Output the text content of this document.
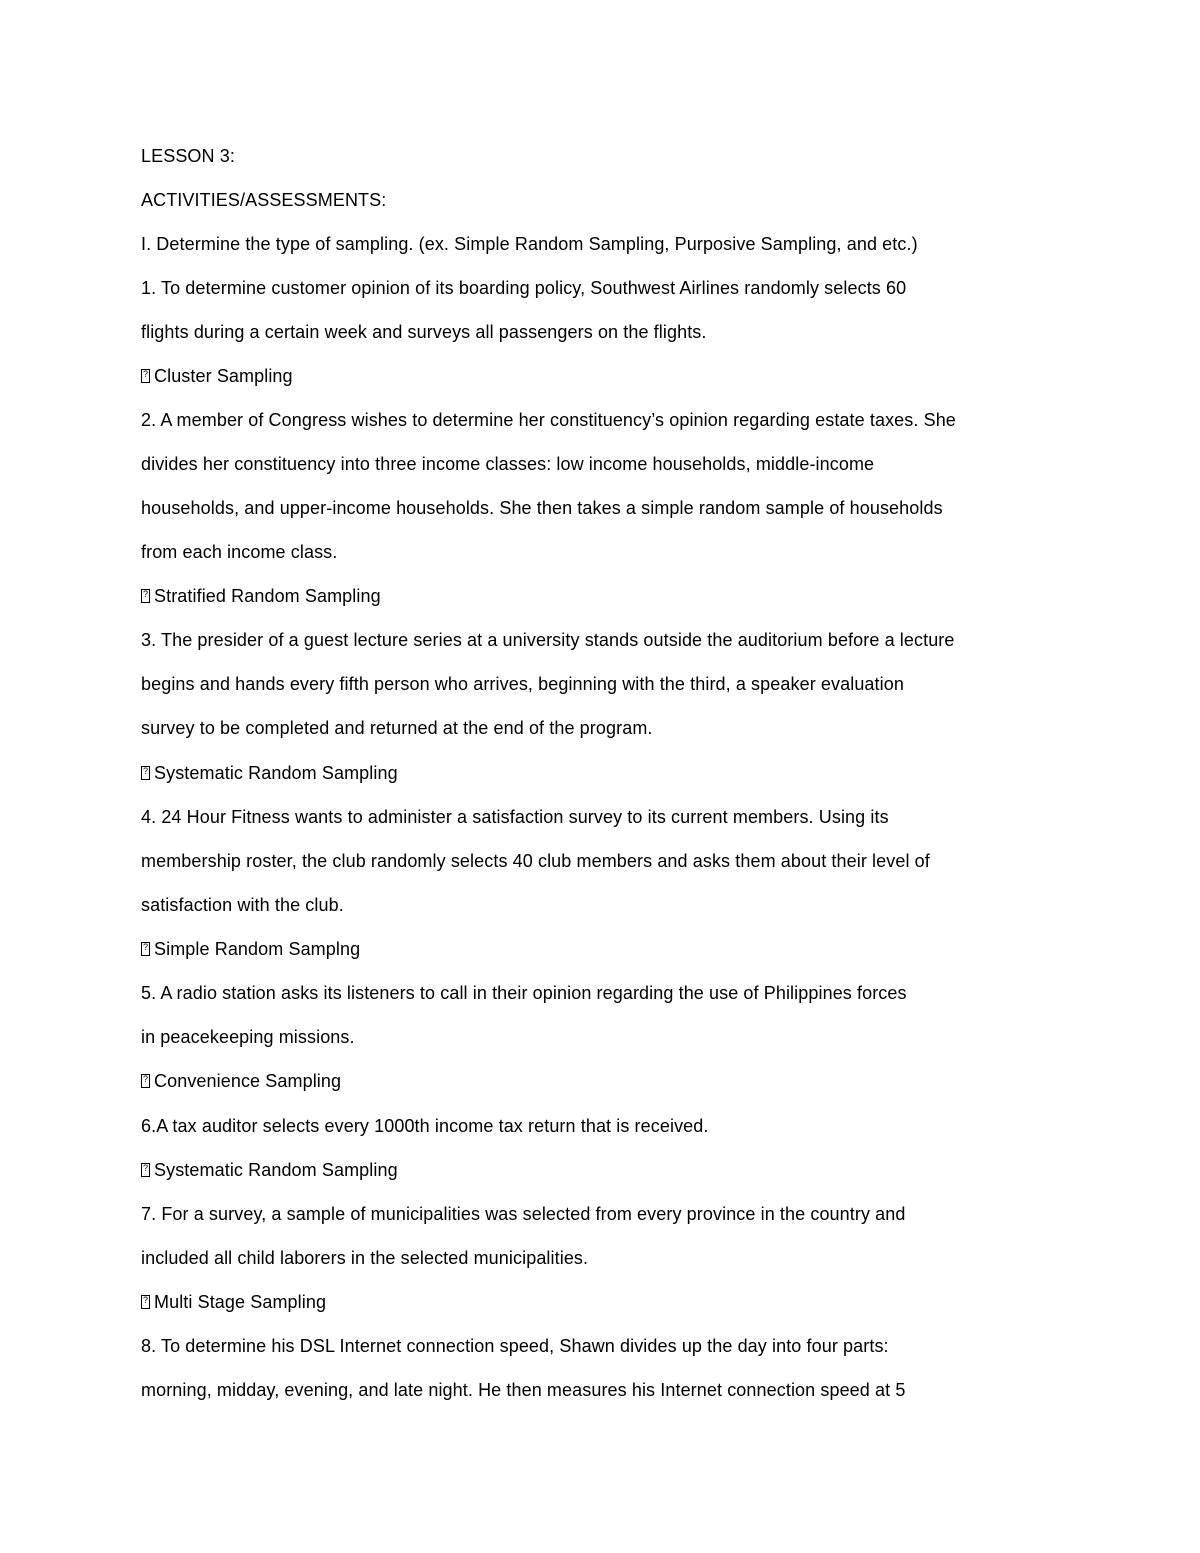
LESSON 3:
ACTIVITIES/ASSESSMENTS:
I. Determine the type of sampling. (ex. Simple Random Sampling, Purposive Sampling, and etc.)
1. To determine customer opinion of its boarding policy, Southwest Airlines randomly selects 60
flights during a certain week and surveys all passengers on the flights.
?
Cluster Sampling
2. A member of Congress wishes to determine her constituency’s opinion regarding estate taxes. She
divides her constituency into three income classes: low income households, middle-income
households, and upper-income households. She then takes a simple random sample of households
from each income class.
?
Stratified Random Sampling
3. The presider of a guest lecture series at a university stands outside the auditorium before a lecture
begins and hands every fifth person who arrives, beginning with the third, a speaker evaluation
survey to be completed and returned at the end of the program.
?
Systematic Random Sampling
4. 24 Hour Fitness wants to administer a satisfaction survey to its current members. Using its
membership roster, the club randomly selects 40 club members and asks them about their level of
satisfaction with the club.
?
Simple Random Samplng
5. A radio station asks its listeners to call in their opinion regarding the use of Philippines forces
in peacekeeping missions.
?
Convenience Sampling
6.A tax auditor selects every 1000th income tax return that is received.
?
Systematic Random Sampling
7. For a survey, a sample of municipalities was selected from every province in the country and
included all child laborers in the selected municipalities.
?
Multi Stage Sampling
8. To determine his DSL Internet connection speed, Shawn divides up the day into four parts:
morning, midday, evening, and late night. He then measures his Internet connection speed at 5
